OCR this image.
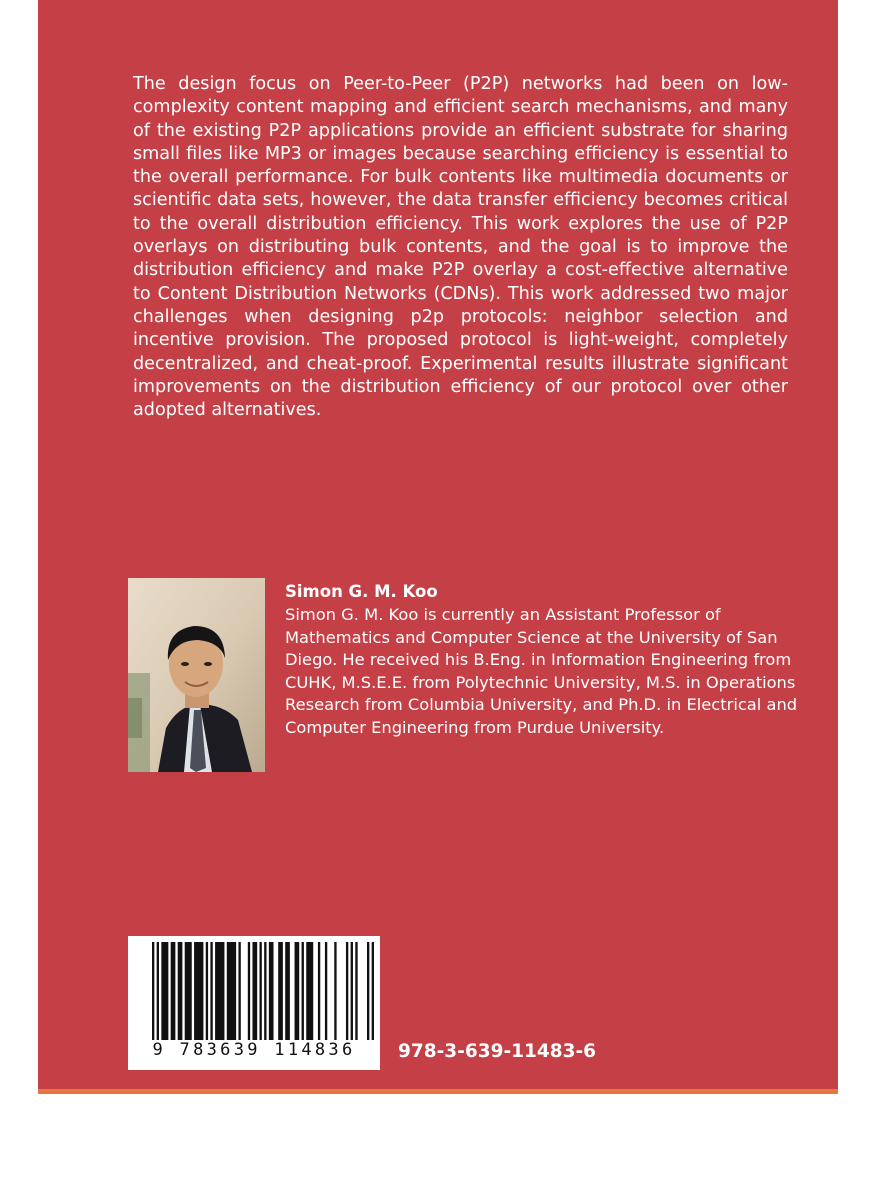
The design focus on Peer-to-Peer (P2P) networks had been on low-complexity content mapping and efficient search mechanisms, and many of the existing P2P applications provide an efficient substrate for sharing small files like MP3 or images because searching efficiency is essential to the overall performance. For bulk contents like multimedia documents or scientific data sets, however, the data transfer efficiency becomes critical to the overall distribution efficiency. This work explores the use of P2P overlays on distributing bulk contents, and the goal is to improve the distribution efficiency and make P2P overlay a cost-effective alternative to Content Distribution Networks (CDNs). This work addressed two major challenges when designing p2p protocols: neighbor selection and incentive provision. The proposed protocol is light-weight, completely decentralized, and cheat-proof. Experimental results illustrate significant improvements on the distribution efficiency of our protocol over other adopted alternatives.

Simon G. M. Koo

Simon G. M. Koo is currently an Assistant Professor of Mathematics and Computer Science at the University of San Diego. He received his B.Eng. in Information Engineering from CUHK, M.S.E.E. from Polytechnic University, M.S. in Operations Research from Columbia University, and Ph.D. in Electrical and Computer Engineering from Purdue University.

9 783639 114836	978-3-639-11483-6
